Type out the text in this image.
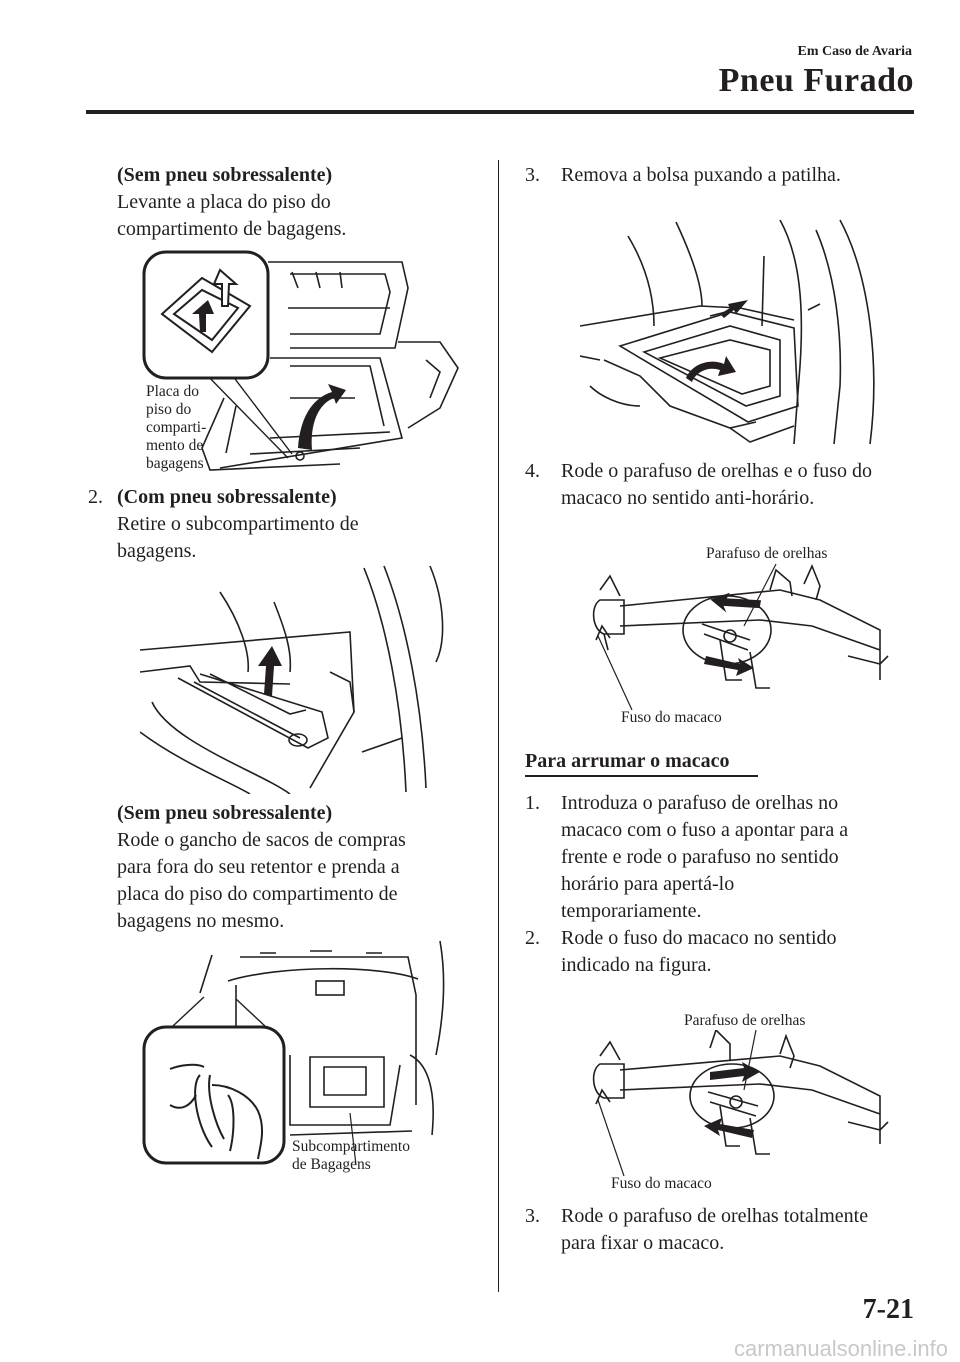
Em Caso de Avaria
Pneu Furado
(Sem pneu sobressalente)
Levante a placa do piso do
compartimento de bagagens.
Placa do
piso do
comparti-
mento de
bagagens
2. (Com pneu sobressalente)
Retire o subcompartimento de
bagagens.
(Sem pneu sobressalente)
Rode o gancho de sacos de compras
para fora do seu retentor e prenda a
placa do piso do compartimento de
bagagens no mesmo.
Subcompartimento
de Bagagens
3. Remova a bolsa puxando a patilha.
4. Rode o parafuso de orelhas e o fuso do
macaco no sentido anti-horário.
Parafuso de orelhas
Fuso do macaco
Para arrumar o macaco
1. Introduza o parafuso de orelhas no
macaco com o fuso a apontar para a
frente e rode o parafuso no sentido
horário para apertá-lo
temporariamente.
2. Rode o fuso do macaco no sentido
indicado na figura.
Parafuso de orelhas
Fuso do macaco
3. Rode o parafuso de orelhas totalmente
para fixar o macaco.
7-21
carmanualsonline.info
